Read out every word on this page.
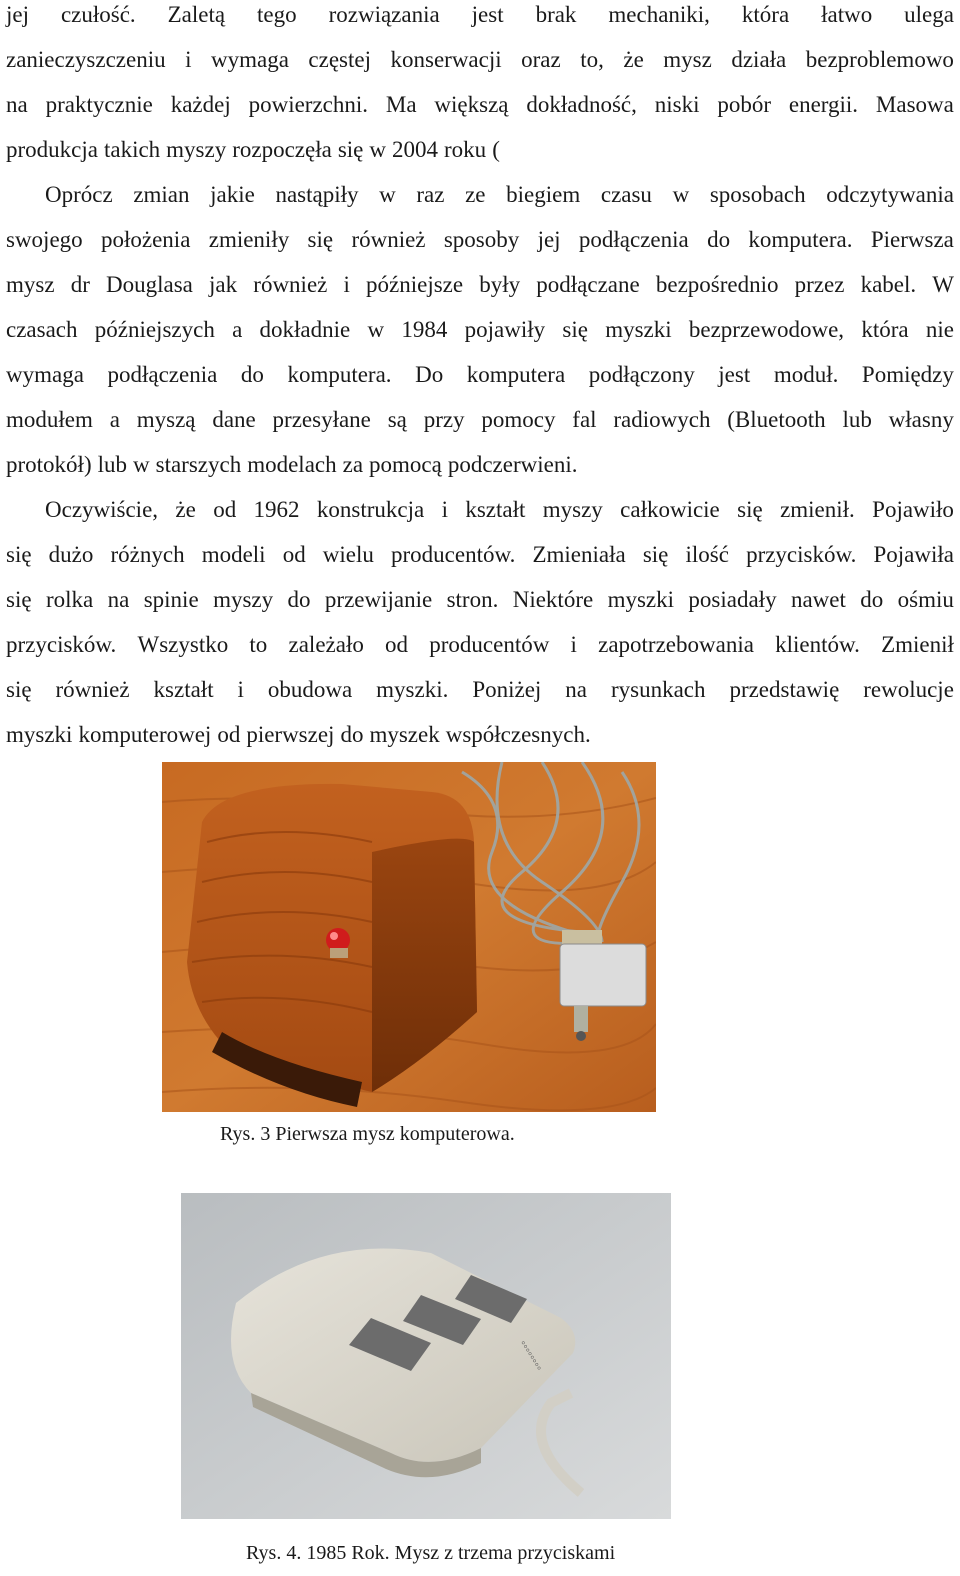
jej czułość. Zaletą tego rozwiązania jest brak mechaniki, która łatwo ulega
zanieczyszczeniu i wymaga częstej konserwacji oraz to, że mysz działa bezproblemowo
na praktycznie każdej powierzchni. Ma większą dokładność, niski pobór energii. Masowa
produkcja takich myszy rozpoczęła się w 2004 roku (
Oprócz zmian jakie nastąpiły w raz ze biegiem czasu w sposobach odczytywania
swojego położenia zmieniły się również sposoby jej podłączenia do komputera. Pierwsza
mysz dr Douglasa jak również i późniejsze były podłączane bezpośrednio przez kabel. W
czasach późniejszych a dokładnie w 1984 pojawiły się myszki bezprzewodowe, która nie
wymaga podłączenia do komputera. Do komputera podłączony jest moduł. Pomiędzy
modułem a myszą dane przesyłane są przy pomocy fal radiowych (Bluetooth lub własny
protokół) lub w starszych modelach za pomocą podczerwieni.
Oczywiście, że od 1962 konstrukcja i kształt myszy całkowicie się zmienił. Pojawiło
się dużo różnych modeli od wielu producentów. Zmieniała się ilość przycisków. Pojawiła
się rolka na spinie myszy do przewijanie stron. Niektóre myszki posiadały nawet do ośmiu
przycisków. Wszystko to zależało od producentów i zapotrzebowania klientów. Zmienił
się również kształt i obudowa myszki. Poniżej na rysunkach przedstawię rewolucje
myszki komputerowej od pierwszej do myszek współczesnych.
Rys. 3 Pierwsza mysz komputerowa.
◦◦◦◦◦◦◦◦
Rys. 4. 1985 Rok. Mysz z trzema przyciskami
